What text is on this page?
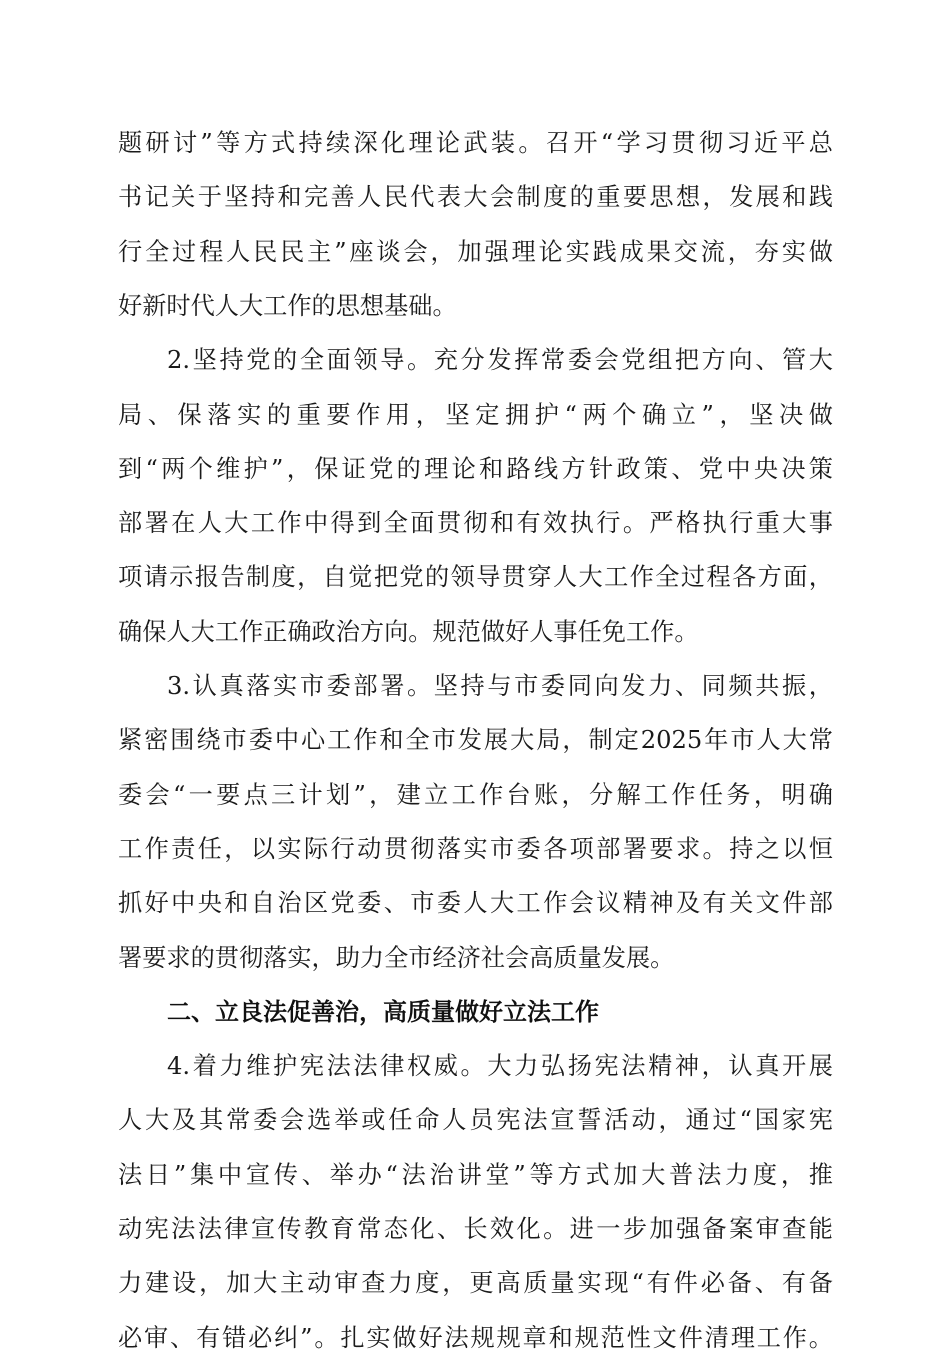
题研讨”等方式持续深化理论武装。召开“学习贯彻习近平总
书记关于坚持和完善人民代表大会制度的重要思想，发展和践
行全过程人民民主”座谈会，加强理论实践成果交流，夯实做
好新时代人大工作的思想基础。
2.坚持党的全面领导。充分发挥常委会党组把方向、管大
局、保落实的重要作用，坚定拥护“两个确立”，坚决做
到“两个维护”，保证党的理论和路线方针政策、党中央决策
部署在人大工作中得到全面贯彻和有效执行。严格执行重大事
项请示报告制度，自觉把党的领导贯穿人大工作全过程各方面，
确保人大工作正确政治方向。规范做好人事任免工作。
3.认真落实市委部署。坚持与市委同向发力、同频共振，
紧密围绕市委中心工作和全市发展大局，制定2025年市人大常
委会“一要点三计划”，建立工作台账，分解工作任务，明确
工作责任，以实际行动贯彻落实市委各项部署要求。持之以恒
抓好中央和自治区党委、市委人大工作会议精神及有关文件部
署要求的贯彻落实，助力全市经济社会高质量发展。
二、立良法促善治，高质量做好立法工作
4.着力维护宪法法律权威。大力弘扬宪法精神，认真开展
人大及其常委会选举或任命人员宪法宣誓活动，通过“国家宪
法日”集中宣传、举办“法治讲堂”等方式加大普法力度，推
动宪法法律宣传教育常态化、长效化。进一步加强备案审查能
力建设，加大主动审查力度，更高质量实现“有件必备、有备
必审、有错必纠”。扎实做好法规规章和规范性文件清理工作。
